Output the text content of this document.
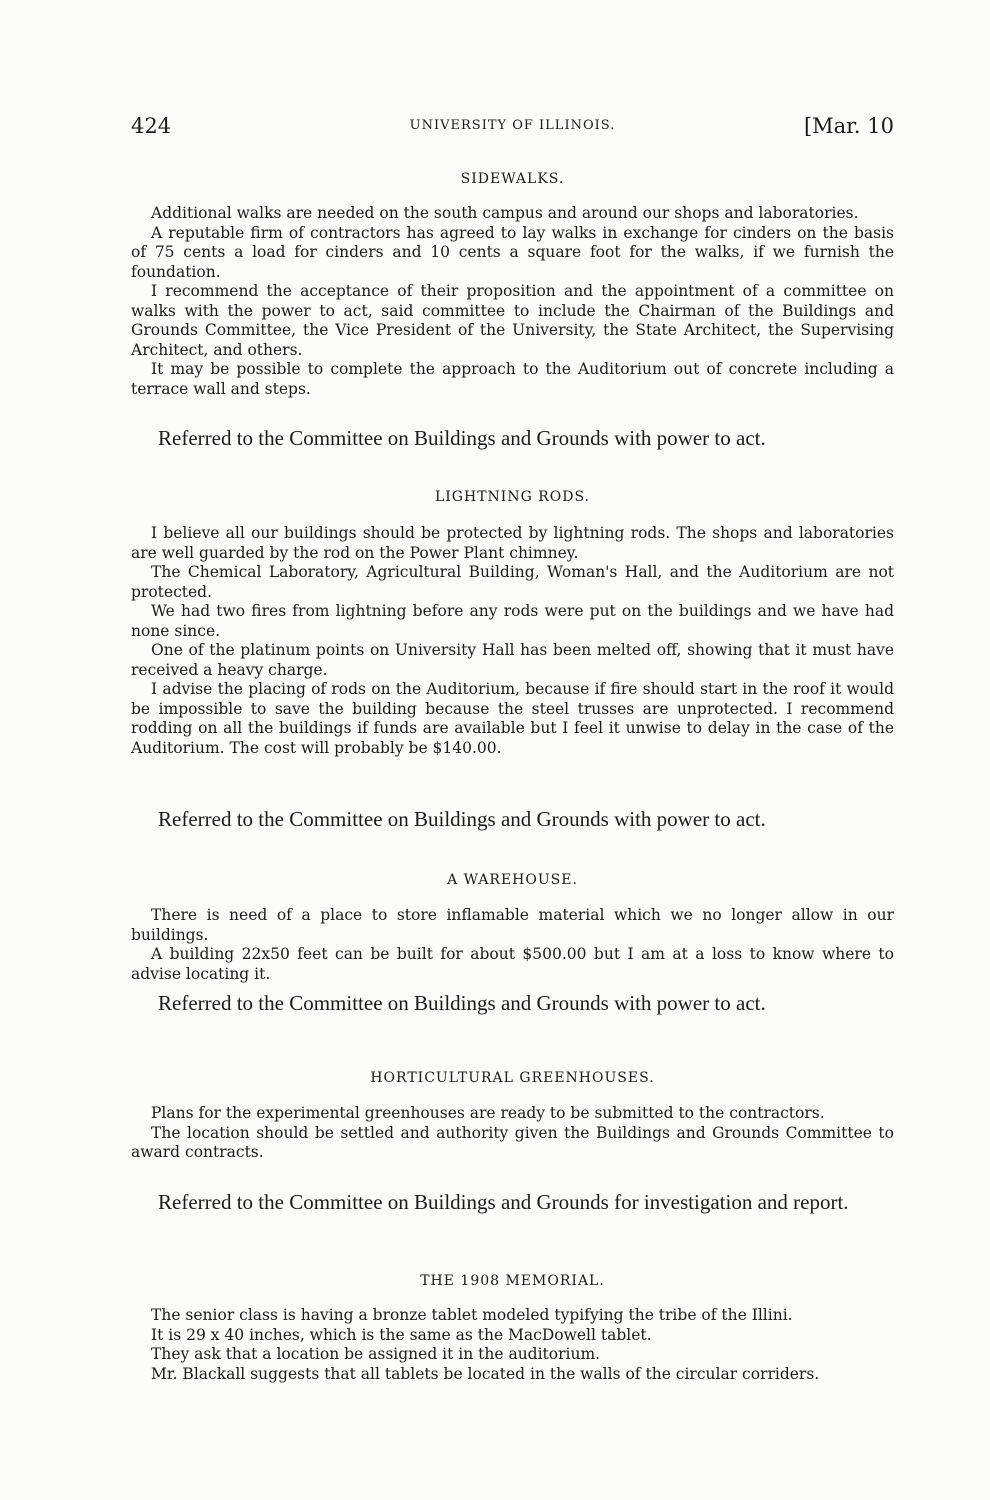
424	UNIVERSITY OF ILLINOIS.	[Mar. 10
SIDEWALKS.

Additional walks are needed on the south campus and around our shops and laboratories.

A reputable firm of contractors has agreed to lay walks in exchange for cinders on the basis of 75 cents a load for cinders and 10 cents a square foot for the walks, if we furnish the foundation.

I recommend the acceptance of their proposition and the appointment of a committee on walks with the power to act, said committee to include the Chairman of the Buildings and Grounds Committee, the Vice President of the University, the State Architect, the Supervising Architect, and others.

It may be possible to complete the approach to the Auditorium out of concrete including a terrace wall and steps.

Referred to the Committee on Buildings and Grounds with power to act.
LIGHTNING RODS.

I believe all our buildings should be protected by lightning rods. The shops and laboratories are well guarded by the rod on the Power Plant chimney.

The Chemical Laboratory, Agricultural Building, Woman's Hall, and the Auditorium are not protected.

We had two fires from lightning before any rods were put on the buildings and we have had none since.

One of the platinum points on University Hall has been melted off, showing that it must have received a heavy charge.

I advise the placing of rods on the Auditorium, because if fire should start in the roof it would be impossible to save the building because the steel trusses are unprotected. I recommend rodding on all the buildings if funds are available but I feel it unwise to delay in the case of the Auditorium. The cost will probably be $140.00.

Referred to the Committee on Buildings and Grounds with power to act.
A WAREHOUSE.

There is need of a place to store inflamable material which we no longer allow in our buildings.

A building 22x50 feet can be built for about $500.00 but I am at a loss to know where to advise locating it.

Referred to the Committee on Buildings and Grounds with power to act.
HORTICULTURAL GREENHOUSES.

Plans for the experimental greenhouses are ready to be submitted to the contractors.

The location should be settled and authority given the Buildings and Grounds Committee to award contracts.

Referred to the Committee on Buildings and Grounds for investigation and report.
THE 1908 MEMORIAL.

The senior class is having a bronze tablet modeled typifying the tribe of the Illini.

It is 29 x 40 inches, which is the same as the MacDowell tablet.

They ask that a location be assigned it in the auditorium.

Mr. Blackall suggests that all tablets be located in the walls of the circular corriders.
